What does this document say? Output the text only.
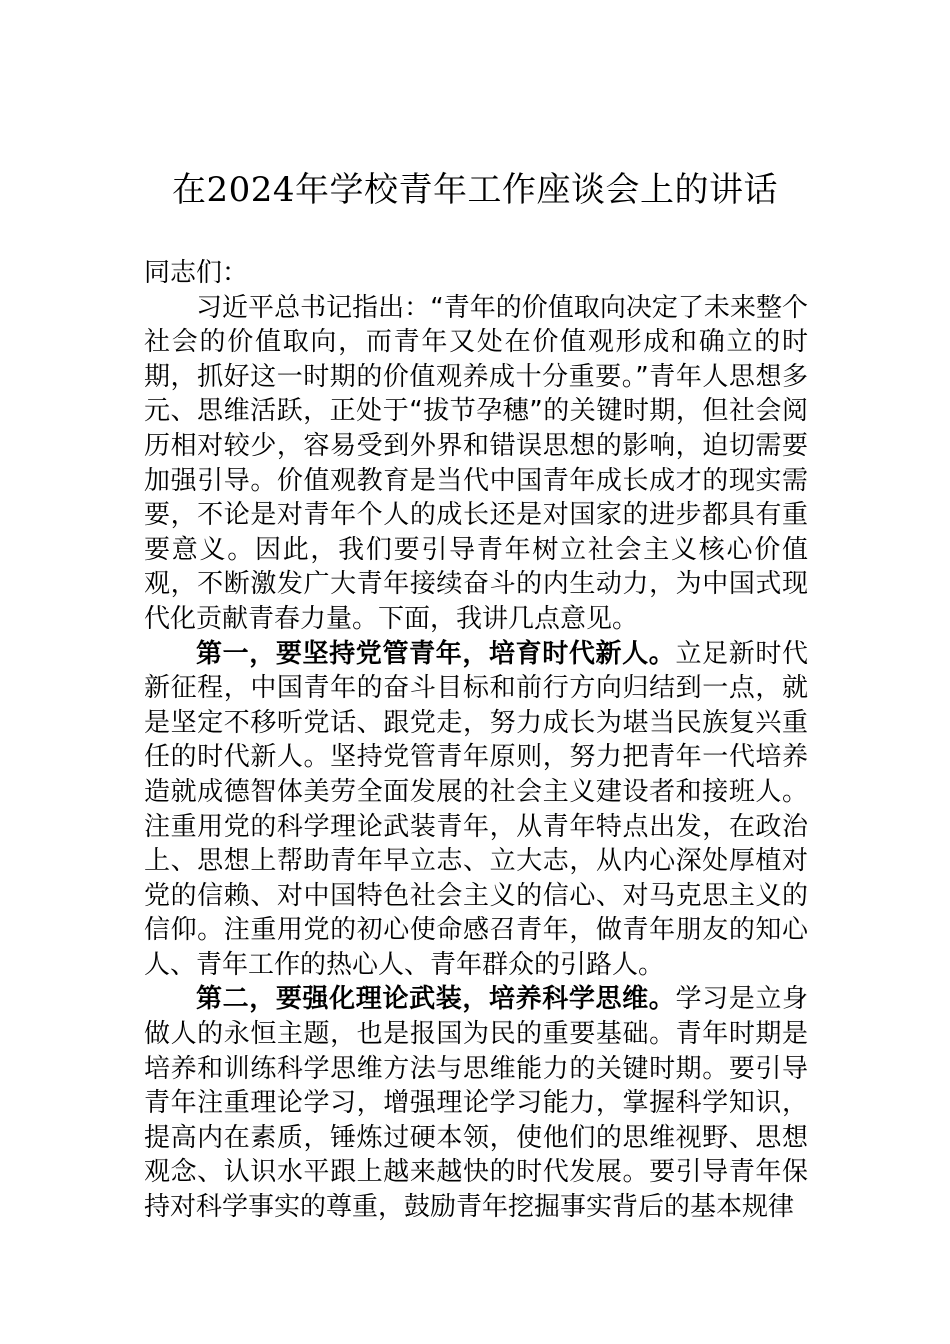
在2024年学校青年工作座谈会上的讲话

同志们：

习近平总书记指出：“青年的价值取向决定了未来整个社会的价值取向，而青年又处在价值观形成和确立的时期，抓好这一时期的价值观养成十分重要。”青年人思想多元、思维活跃，正处于“拔节孕穗”的关键时期，但社会阅历相对较少，容易受到外界和错误思想的影响，迫切需要加强引导。价值观教育是当代中国青年成长成才的现实需要，不论是对青年个人的成长还是对国家的进步都具有重要意义。因此，我们要引导青年树立社会主义核心价值观，不断激发广大青年接续奋斗的内生动力，为中国式现代化贡献青春力量。下面，我讲几点意见。

第一，要坚持党管青年，培育时代新人。立足新时代新征程，中国青年的奋斗目标和前行方向归结到一点，就是坚定不移听党话、跟党走，努力成长为堪当民族复兴重任的时代新人。坚持党管青年原则，努力把青年一代培养造就成德智体美劳全面发展的社会主义建设者和接班人。注重用党的科学理论武装青年，从青年特点出发，在政治上、思想上帮助青年早立志、立大志，从内心深处厚植对党的信赖、对中国特色社会主义的信心、对马克思主义的信仰。注重用党的初心使命感召青年，做青年朋友的知心人、青年工作的热心人、青年群众的引路人。

第二，要强化理论武装，培养科学思维。学习是立身做人的永恒主题，也是报国为民的重要基础。青年时期是培养和训练科学思维方法与思维能力的关键时期。要引导青年注重理论学习，增强理论学习能力，掌握科学知识，提高内在素质，锤炼过硬本领，使他们的思维视野、思想观念、认识水平跟上越来越快的时代发展。要引导青年保持对科学事实的尊重，鼓励青年挖掘事实背后的基本规律
